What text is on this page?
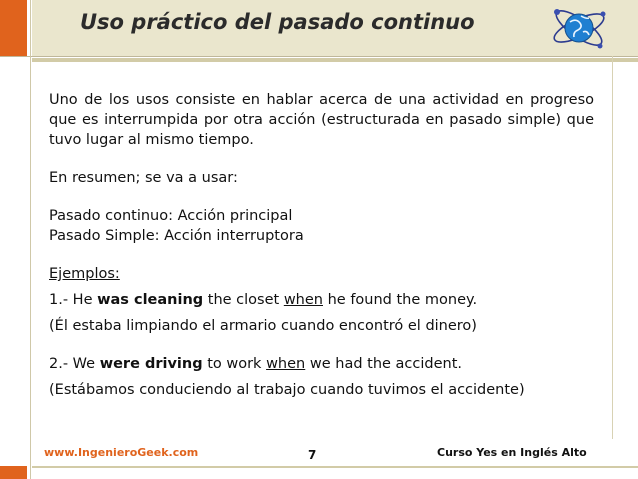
Uso práctico del pasado continuo

Uno de los usos consiste en hablar acerca de una actividad en progreso que es interrumpida por otra acción (estructurada en pasado simple) que tuvo lugar al mismo tiempo.

En resumen; se va a usar:

Pasado continuo: Acción principal

Pasado Simple: Acción interruptora

Ejemplos:

1.- He was cleaning the closet when he found the money.

(Él estaba limpiando el armario cuando encontró el dinero)

2.- We were driving to work when we had the accident.

(Estábamos conduciendo al trabajo cuando tuvimos el accidente)

www.IngenieroGeek.com	7	Curso Yes en Inglés Alto
